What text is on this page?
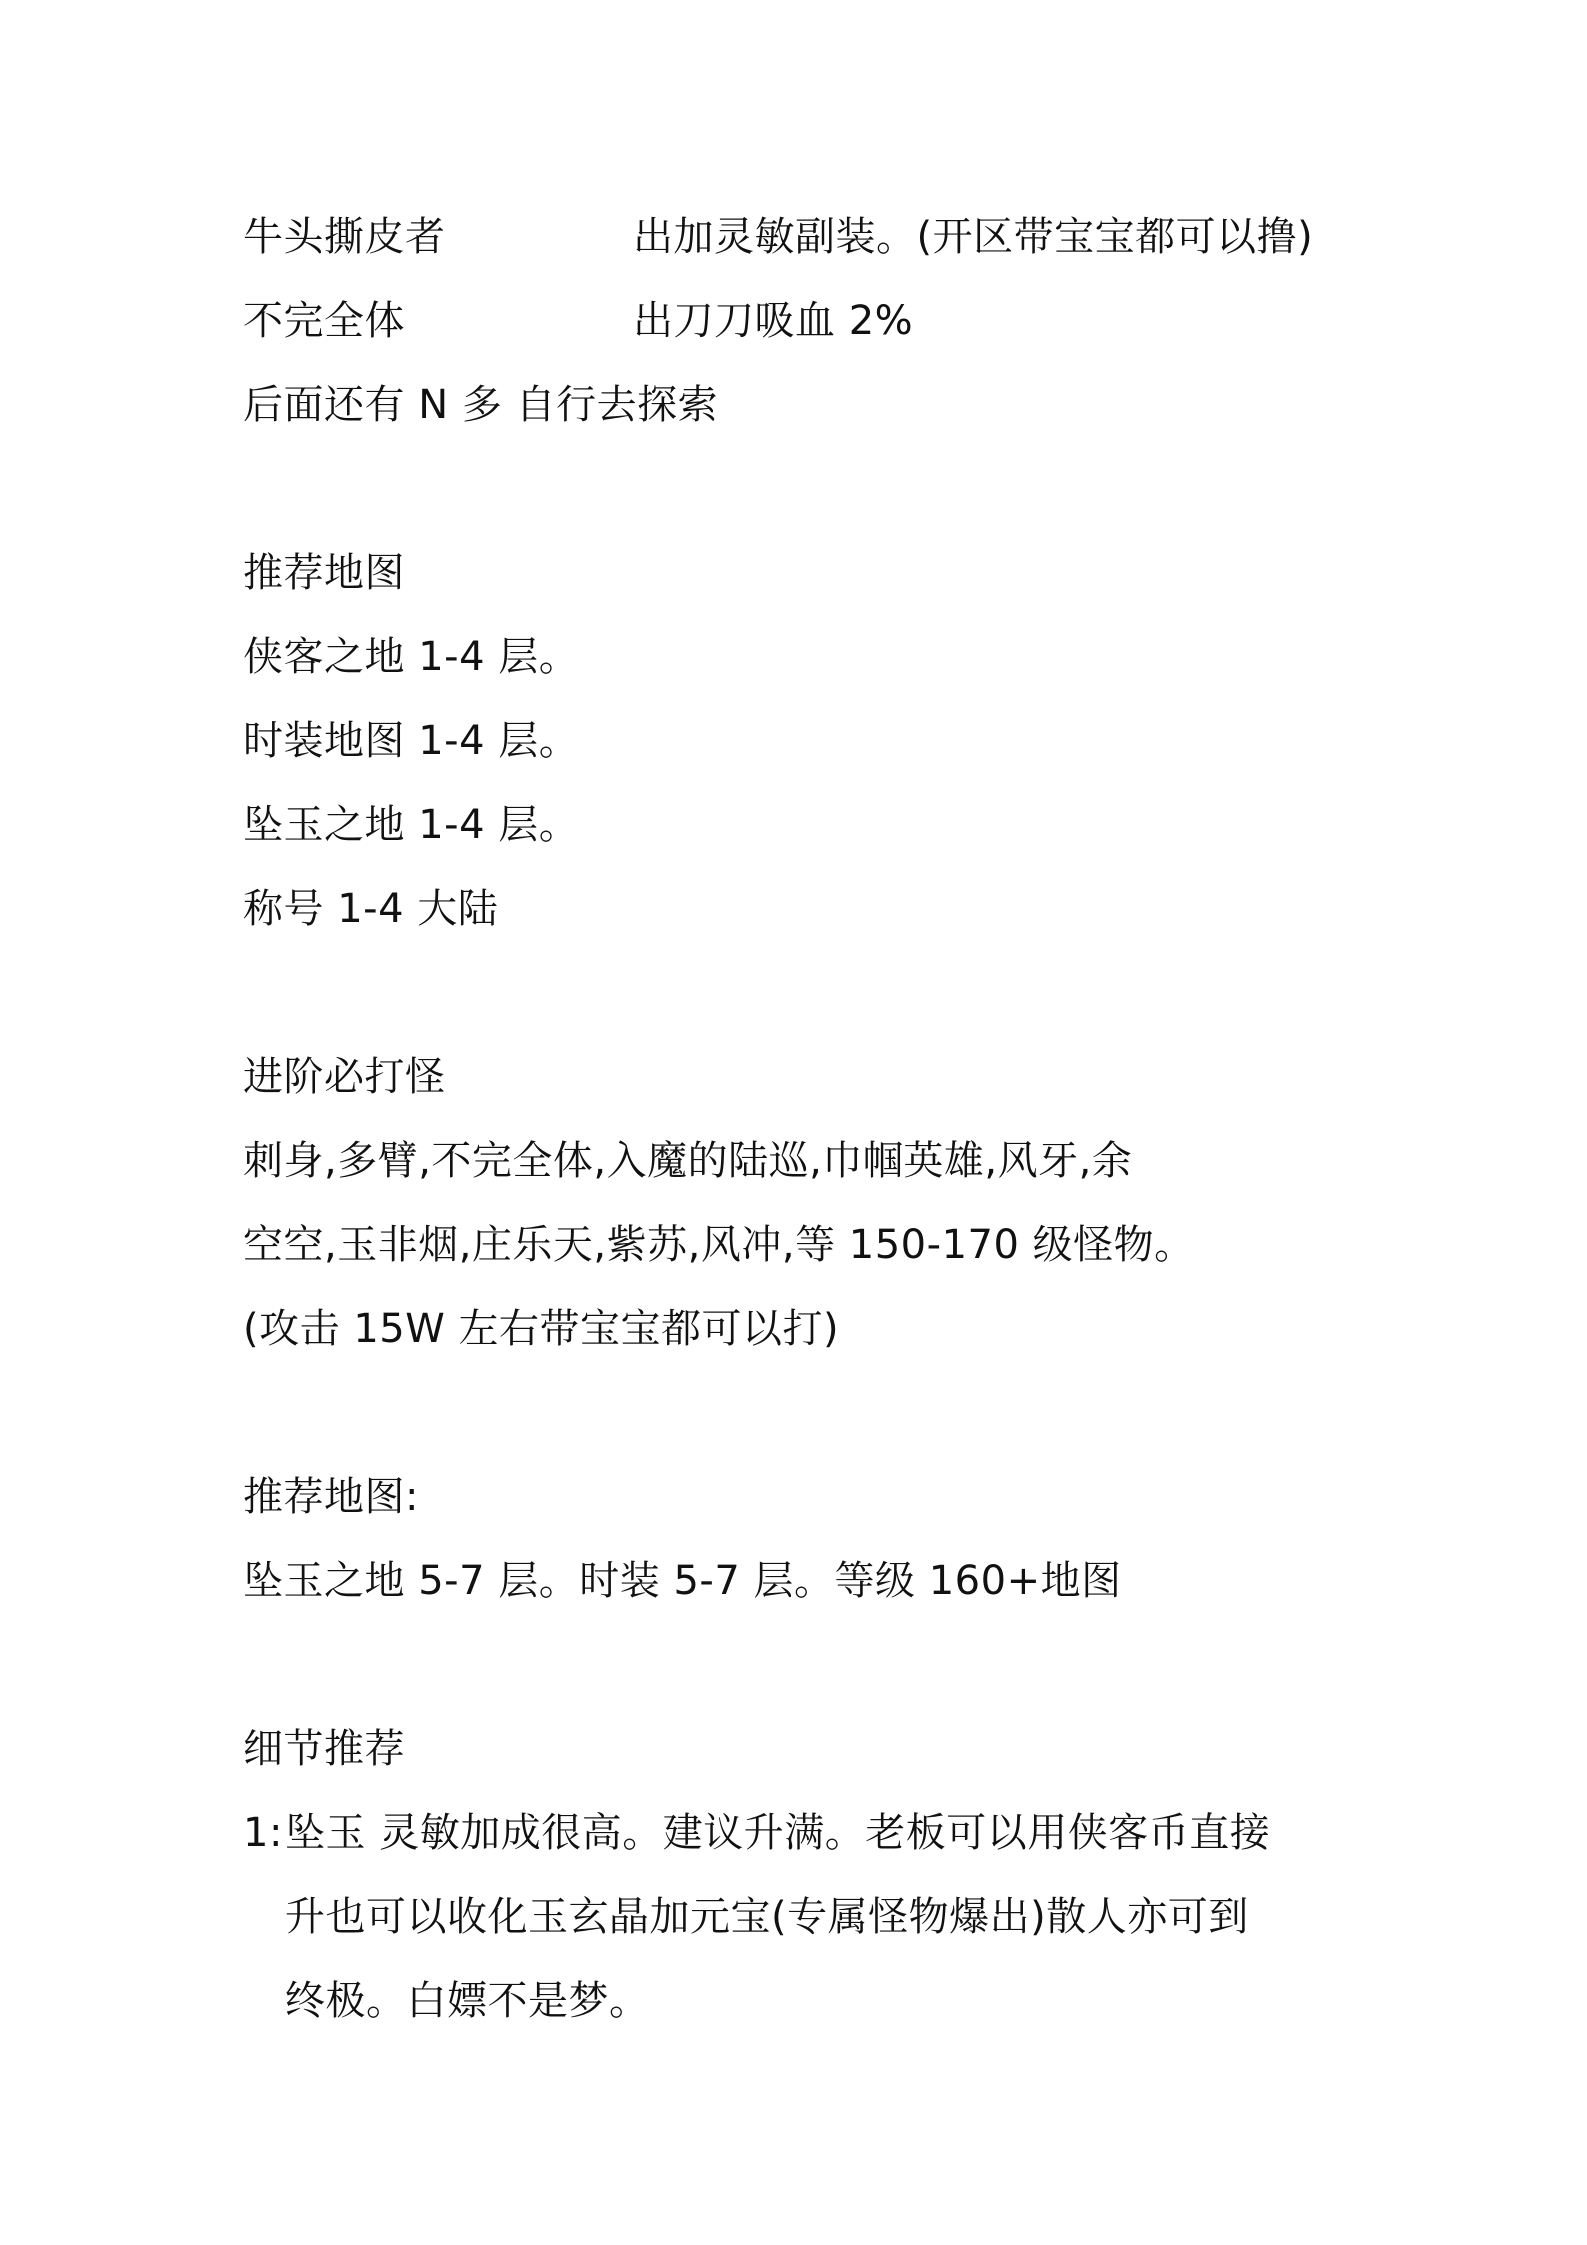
牛头撕皮者	出加灵敏副装。(开区带宝宝都可以撸)
不完全体	出刀刀吸血 2%
后面还有 N 多 自行去探索
推荐地图
侠客之地 1-4 层。
时装地图 1-4 层。
坠玉之地 1-4 层。
称号 1-4 大陆
进阶必打怪
刺身,多臂,不完全体,入魔的陆巡,巾帼英雄,风牙,余
空空,玉非烟,庄乐天,紫苏,风冲,等 150-170 级怪物。
(攻击 15W 左右带宝宝都可以打)
推荐地图:
坠玉之地 5-7 层。时装 5-7 层。等级 160+地图
细节推荐
1: 坠玉 灵敏加成很高。建议升满。老板可以用侠客币直接
升也可以收化玉玄晶加元宝(专属怪物爆出)散人亦可到
终极。白嫖不是梦。
